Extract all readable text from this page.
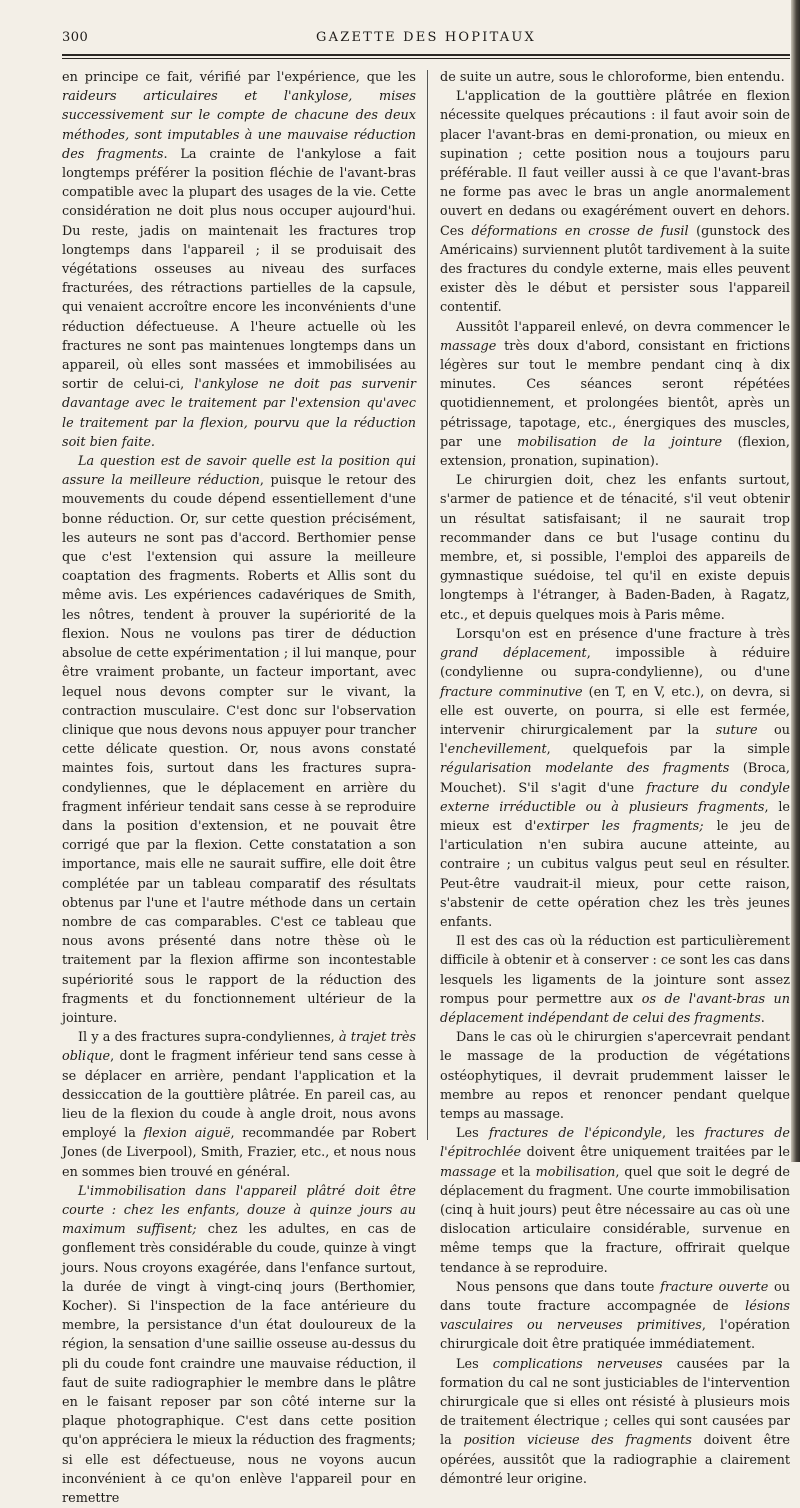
300	GAZETTE DES HOPITAUX

en principe ce fait, vérifié par l'expérience, que les raideurs articulaires et l'ankylose, mises successivement sur le compte de chacune des deux méthodes, sont imputables à une mauvaise réduction des fragments. La crainte de l'ankylose a fait longtemps préférer la position fléchie de l'avant-bras compatible avec la plupart des usages de la vie. Cette considération ne doit plus nous occuper aujourd'hui. Du reste, jadis on maintenait les fractures trop longtemps dans l'appareil ; il se produisait des végétations osseuses au niveau des surfaces fracturées, des rétractions partielles de la capsule, qui venaient accroître encore les inconvénients d'une réduction défectueuse. A l'heure actuelle où les fractures ne sont pas maintenues longtemps dans un appareil, où elles sont massées et immobilisées au sortir de celui-ci, l'ankylose ne doit pas survenir davantage avec le traitement par l'extension qu'avec le traitement par la flexion, pourvu que la réduction soit bien faite.

La question est de savoir quelle est la position qui assure la meilleure réduction, puisque le retour des mouvements du coude dépend essentiellement d'une bonne réduction. Or, sur cette question précisément, les auteurs ne sont pas d'accord. Berthomier pense que c'est l'extension qui assure la meilleure coaptation des fragments. Roberts et Allis sont du même avis. Les expériences cadavériques de Smith, les nôtres, tendent à prouver la supériorité de la flexion. Nous ne voulons pas tirer de déduction absolue de cette expérimentation ; il lui manque, pour être vraiment probante, un facteur important, avec lequel nous devons compter sur le vivant, la contraction musculaire. C'est donc sur l'observation clinique que nous devons nous appuyer pour trancher cette délicate question. Or, nous avons constaté maintes fois, surtout dans les fractures supra-condyliennes, que le déplacement en arrière du fragment inférieur tendait sans cesse à se reproduire dans la position d'extension, et ne pouvait être corrigé que par la flexion. Cette constatation a son importance, mais elle ne saurait suffire, elle doit être complétée par un tableau comparatif des résultats obtenus par l'une et l'autre méthode dans un certain nombre de cas comparables. C'est ce tableau que nous avons présenté dans notre thèse où le traitement par la flexion affirme son incontestable supériorité sous le rapport de la réduction des fragments et du fonctionnement ultérieur de la jointure.

Il y a des fractures supra-condyliennes, à trajet très oblique, dont le fragment inférieur tend sans cesse à se déplacer en arrière, pendant l'application et la dessiccation de la gouttière plâtrée. En pareil cas, au lieu de la flexion du coude à angle droit, nous avons employé la flexion aiguë, recommandée par Robert Jones (de Liverpool), Smith, Frazier, etc., et nous nous en sommes bien trouvé en général.

L'immobilisation dans l'appareil plâtré doit être courte : chez les enfants, douze à quinze jours au maximum suffisent; chez les adultes, en cas de gonflement très considérable du coude, quinze à vingt jours. Nous croyons exagérée, dans l'enfance surtout, la durée de vingt à vingt-cinq jours (Berthomier, Kocher). Si l'inspection de la face antérieure du membre, la persistance d'un état douloureux de la région, la sensation d'une saillie osseuse au-dessus du pli du coude font craindre une mauvaise réduction, il faut de suite radiographier le membre dans le plâtre en le faisant reposer par son côté interne sur la plaque photographique. C'est dans cette position qu'on appréciera le mieux la réduction des fragments; si elle est défectueuse, nous ne voyons aucun inconvénient à ce qu'on enlève l'appareil pour en remettre

de suite un autre, sous le chloroforme, bien entendu.

L'application de la gouttière plâtrée en flexion nécessite quelques précautions : il faut avoir soin de placer l'avant-bras en demi-pronation, ou mieux en supination ; cette position nous a toujours paru préférable. Il faut veiller aussi à ce que l'avant-bras ne forme pas avec le bras un angle anormalement ouvert en dedans ou exagérément ouvert en dehors. Ces déformations en crosse de fusil (gunstock des Américains) surviennent plutôt tardivement à la suite des fractures du condyle externe, mais elles peuvent exister dès le début et persister sous l'appareil contentif.

Aussitôt l'appareil enlevé, on devra commencer le massage très doux d'abord, consistant en frictions légères sur tout le membre pendant cinq à dix minutes. Ces séances seront répétées quotidiennement, et prolongées bientôt, après un pétrissage, tapotage, etc., énergiques des muscles, par une mobilisation de la jointure (flexion, extension, pronation, supination).

Le chirurgien doit, chez les enfants surtout, s'armer de patience et de ténacité, s'il veut obtenir un résultat satisfaisant; il ne saurait trop recommander dans ce but l'usage continu du membre, et, si possible, l'emploi des appareils de gymnastique suédoise, tel qu'il en existe depuis longtemps à l'étranger, à Baden-Baden, à Ragatz, etc., et depuis quelques mois à Paris même.

Lorsqu'on est en présence d'une fracture à très grand déplacement, impossible à réduire (condylienne ou supra-condylienne), ou d'une fracture comminutive (en T, en V, etc.), on devra, si elle est ouverte, on pourra, si elle est fermée, intervenir chirurgicalement par la suture ou l'enchevillement, quelquefois par la simple régularisation modelante des fragments (Broca, Mouchet). S'il s'agit d'une fracture du condyle externe irréductible ou à plusieurs fragments, le mieux est d'extirper les fragments; le jeu de l'articulation n'en subira aucune atteinte, au contraire ; un cubitus valgus peut seul en résulter. Peut-être vaudrait-il mieux, pour cette raison, s'abstenir de cette opération chez les très jeunes enfants.

Il est des cas où la réduction est particulièrement difficile à obtenir et à conserver : ce sont les cas dans lesquels les ligaments de la jointure sont assez rompus pour permettre aux os de l'avant-bras un déplacement indépendant de celui des fragments.

Dans le cas où le chirurgien s'apercevrait pendant le massage de la production de végétations ostéophytiques, il devrait prudemment laisser le membre au repos et renoncer pendant quelque temps au massage.

Les fractures de l'épicondyle, les fractures de l'épitrochlée doivent être uniquement traitées par le massage et la mobilisation, quel que soit le degré de déplacement du fragment. Une courte immobilisation (cinq à huit jours) peut être nécessaire au cas où une dislocation articulaire considérable, survenue en même temps que la fracture, offrirait quelque tendance à se reproduire.

Nous pensons que dans toute fracture ouverte ou dans toute fracture accompagnée de lésions vasculaires ou nerveuses primitives, l'opération chirurgicale doit être pratiquée immédiatement.

Les complications nerveuses causées par la formation du cal ne sont justiciables de l'intervention chirurgicale que si elles ont résisté à plusieurs mois de traitement électrique ; celles qui sont causées par la position vicieuse des fragments doivent être opérées, aussitôt que la radiographie a clairement démontré leur origine.
